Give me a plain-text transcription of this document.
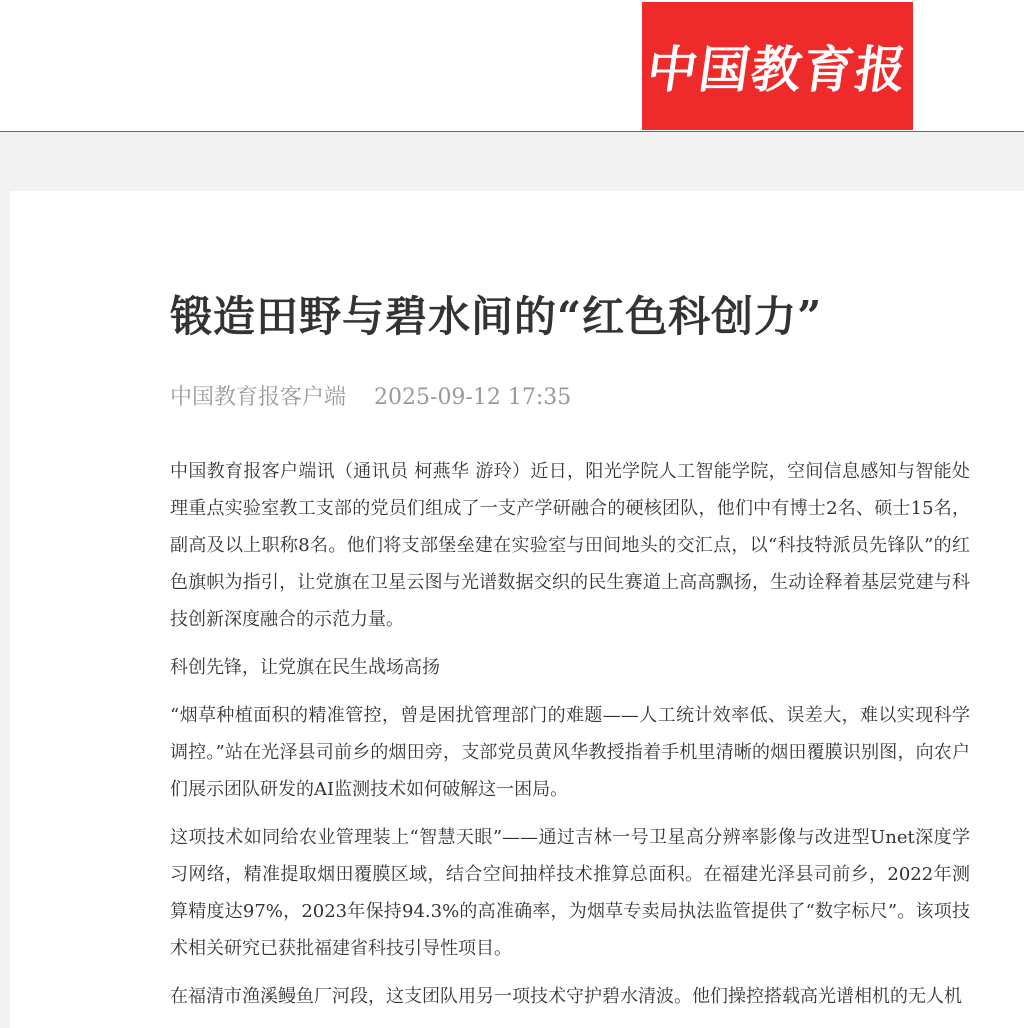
中国教育报
锻造田野与碧水间的“红色科创力”
中国教育报客户端 2025-09-12 17:35

中国教育报客户端讯（通讯员 柯燕华 游玲）近日，阳光学院人工智能学院，空间信息感知与智能处理重点实验室教工支部的党员们组成了一支产学研融合的硬核团队，他们中有博士2名、硕士15名，副高及以上职称8名。他们将支部堡垒建在实验室与田间地头的交汇点，以“科技特派员先锋队”的红色旗帜为指引，让党旗在卫星云图与光谱数据交织的民生赛道上高高飘扬，生动诠释着基层党建与科技创新深度融合的示范力量。

科创先锋，让党旗在民生战场高扬

“烟草种植面积的精准管控，曾是困扰管理部门的难题——人工统计效率低、误差大，难以实现科学调控。”站在光泽县司前乡的烟田旁，支部党员黄风华教授指着手机里清晰的烟田覆膜识别图，向农户们展示团队研发的AI监测技术如何破解这一困局。

这项技术如同给农业管理装上“智慧天眼”——通过吉林一号卫星高分辨率影像与改进型Unet深度学习网络，精准提取烟田覆膜区域，结合空间抽样技术推算总面积。在福建光泽县司前乡，2022年测算精度达97%，2023年保持94.3%的高准确率，为烟草专卖局执法监管提供了“数字标尺”。该项技术相关研究已获批福建省科技引导性项目。

在福清市渔溪鳗鱼厂河段，这支团队用另一项技术守护碧水清波。他们操控搭载高光谱相机的无人机
